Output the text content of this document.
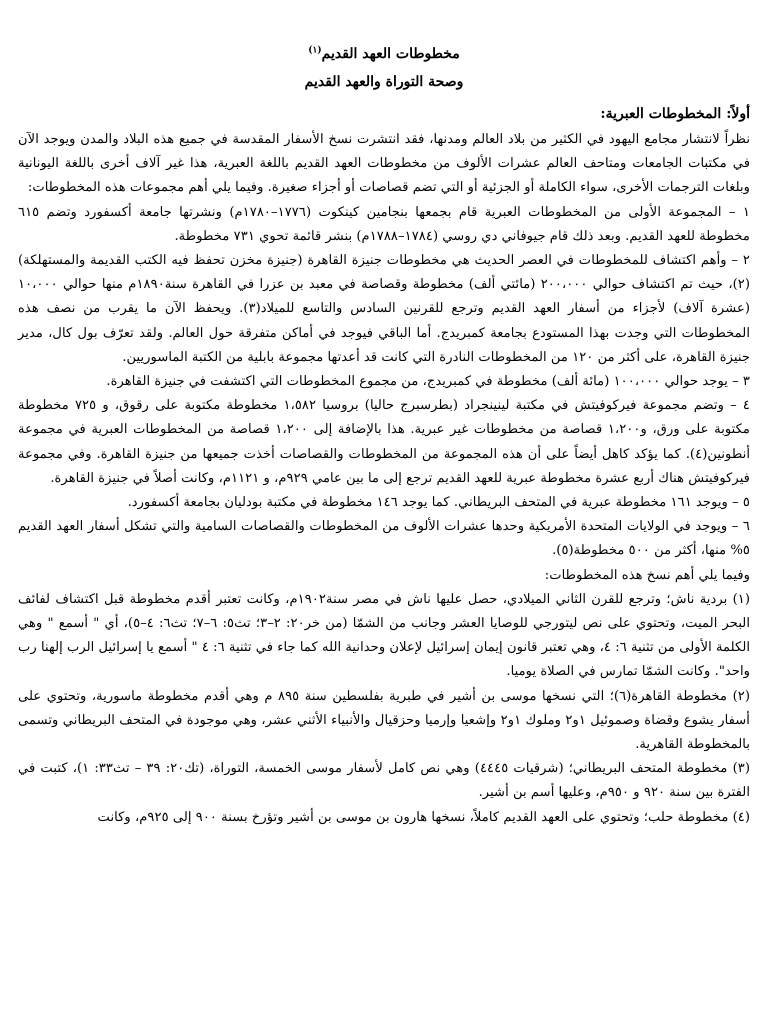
مخطوطات العهد القديم$^{(١)}$
وصحة التوراة والعهد القديم
أولاً: المخطوطات العبرية:

نظراً لانتشار مجامع اليهود في الكثير من بلاد العالم ومدنها، فقد انتشرت نسخ الأسفار المقدسة في جميع هذه البلاد والمدن ويوجد الآن في مكتبات الجامعات ومتاحف العالم عشرات الألوف من مخطوطات العهد القديم باللغة العبرية، هذا غير آلاف أخرى باللغة اليونانية وبلغات الترجمات الأخرى، سواء الكاملة أو الجزئية أو التي تضم قصاصات أو أجزاء صغيرة. وفيما يلي أهم مجموعات هذه المخطوطات:

١ – المجموعة الأولى من المخطوطات العبرية قام بجمعها بنجامين كينكوت (١٧٧٦–١٧٨٠م) ونشرتها جامعة أكسفورد وتضم ٦١٥ مخطوطة للعهد القديم. وبعد ذلك قام جيوفاني دي روسي (١٧٨٤–١٧٨٨م) بنشر قائمة تحوي ٧٣١ مخطوطة.

٢ – وأهم اكتشاف للمخطوطات في العصر الحديث هي مخطوطات جنيزة القاهرة (جنيزة مخزن تحفظ فيه الكتب القديمة والمستهلكة)(٢)، حيث تم اكتشاف حوالي ٢٠٠،٠٠٠ (مائتي ألف) مخطوطة وقصاصة في معبد بن عزرا في القاهرة سنة١٨٩٠م منها حوالي ١٠،٠٠٠ (عشرة آلاف) لأجزاء من أسفار العهد القديم وترجع للقرنين السادس والتاسع للميلاد(٣). ويحفظ الآن ما يقرب من نصف هذه المخطوطات التي وجدت بهذا المستودع بجامعة كمبريدج. أما الباقي فيوجد في أماكن متفرقة حول العالم. ولقد تعرّف بول كال، مدير جنيزة القاهرة، على أكثر من ١٢٠ من المخطوطات النادرة التي كانت قد أعدتها مجموعة بابلية من الكتبة الماسوريين.

٣ – يوجد حوالي ١٠٠،٠٠٠ (مائة ألف) مخطوطة في كمبريدج، من مجموع المخطوطات التي اكتشفت في جنيزة القاهرة.

٤ – وتضم مجموعة فيركوفيتش في مكتبة لينينجراد (بطرسبرج حاليا) بروسيا ١،٥٨٢ مخطوطة مكتوبة على رقوق، و ٧٢٥ مخطوطة مكتوبة على ورق، و١،٢٠٠ قصاصة من مخطوطات غير عبرية. هذا بالإضافة إلى ١،٢٠٠ قصاصة من المخطوطات العبرية في مجموعة أنطونين(٤). كما يؤكد كاهل أيضاً على أن هذه المجموعة من المخطوطات والقصاصات أخذت جميعها من جنيزة القاهرة. وفي مجموعة فيركوفيتش هناك أربع عشرة مخطوطة عبرية للعهد القديم ترجع إلى ما بين عامي ٩٢٩م، و ١١٢١م، وكانت أصلاً في جنيزة القاهرة.

٥ – ويوجد ١٦١ مخطوطة عبرية في المتحف البريطاني. كما يوجد ١٤٦ مخطوطة في مكتبة بودليان بجامعة أكسفورد.

٦ – ويوجد في الولايات المتحدة الأمريكية وحدها عشرات الألوف من المخطوطات والقصاصات السامية والتي تشكل أسفار العهد القديم ٥% منها، أكثر من ٥٠٠ مخطوطة(٥).

وفيما يلي أهم نسخ هذه المخطوطات:

(١) بردية ناش؛ وترجع للقرن الثاني الميلادي، حصل عليها ناش في مصر سنة١٩٠٢م، وكانت تعتبر أقدم مخطوطة قبل اكتشاف لفائف البحر الميت، وتحتوي على نص ليتورجي للوصايا العشر وجانب من الشمّا (من خر٢٠: ٢–٣؛ تث٥: ٦–٧؛ تث٦: ٤–٥)، أي " أسمع " وهي الكلمة الأولى من تثنية ٦: ٤، وهي تعتبر قانون إيمان إسرائيل لإعلان وحدانية الله كما جاء في تثنية ٦: ٤ " أسمع يا إسرائيل الرب إلهنا رب واحد". وكانت الشمّا تمارس في الصلاة يوميا.

(٢) مخطوطة القاهرة(٦)؛ التي نسخها موسى بن أشير في طبرية بفلسطين سنة ٨٩٥ م وهي أقدم مخطوطة ماسورية، وتحتوي على أسفار يشوع وقضاة وصموئيل ١و٢ وملوك ١و٢ وإشعيا وإرميا وحزقيال والأنبياء الأثني عشر، وهي موجودة في المتحف البريطاني وتسمى بالمخطوطة القاهرية.

(٣) مخطوطة المتحف البريطاني؛ (شرقيات ٤٤٤٥) وهي نص كامل لأسفار موسى الخمسة، التوراة، (تك٢٠: ٣٩ – تث٣٣: ١)، كتبت في الفترة بين سنة ٩٢٠ و ٩٥٠م، وعليها أسم بن أشير.

(٤) مخطوطة حلب؛ وتحتوي على العهد القديم كاملاً، نسخها هارون بن موسى بن أشير وتؤرخ بسنة ٩٠٠ إلى ٩٢٥م، وكانت
